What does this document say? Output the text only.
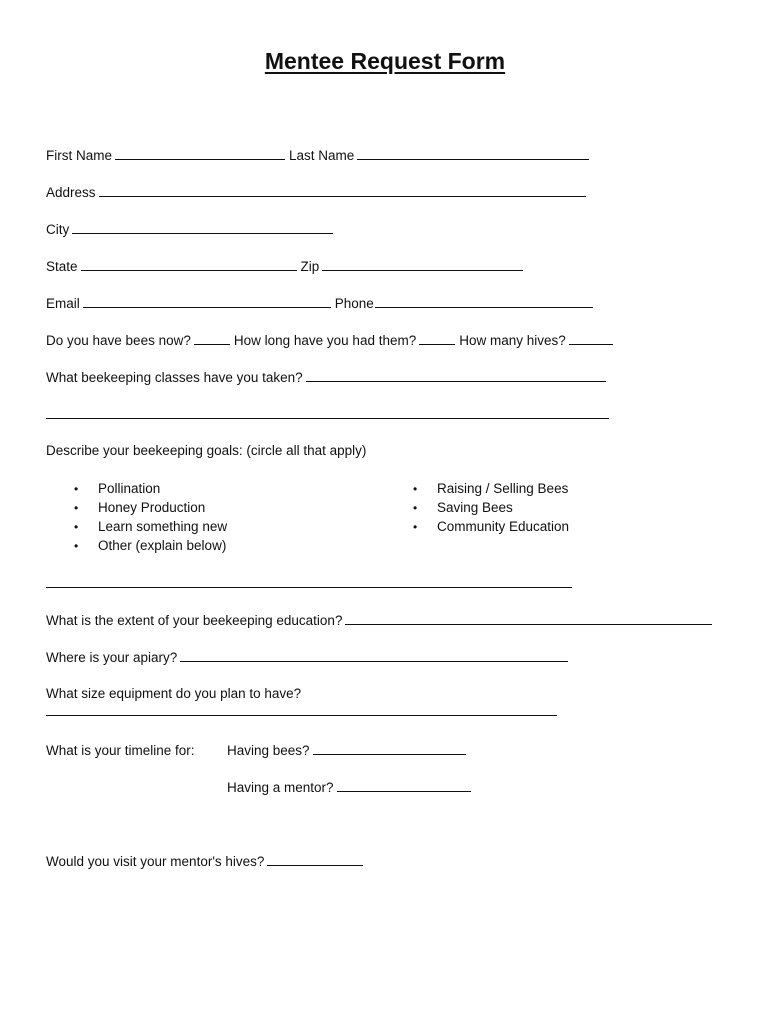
Mentee Request Form
First Name	Last Name
Address
City
State	Zip
Email	Phone
Do you have bees now?	How long have you had them?	How many hives?
What beekeeping classes have you taken?
Describe your beekeeping goals: (circle all that apply)
•	Pollination
•	Honey Production
•	Learn something new
•	Other (explain below)
•	Raising / Selling Bees
•	Saving Bees
•	Community Education
What is the extent of your beekeeping education?
Where is your apiary?
What size equipment do you plan to have?
What is your timeline for:	Having bees?
Having a mentor?
Would you visit your mentor's hives?
